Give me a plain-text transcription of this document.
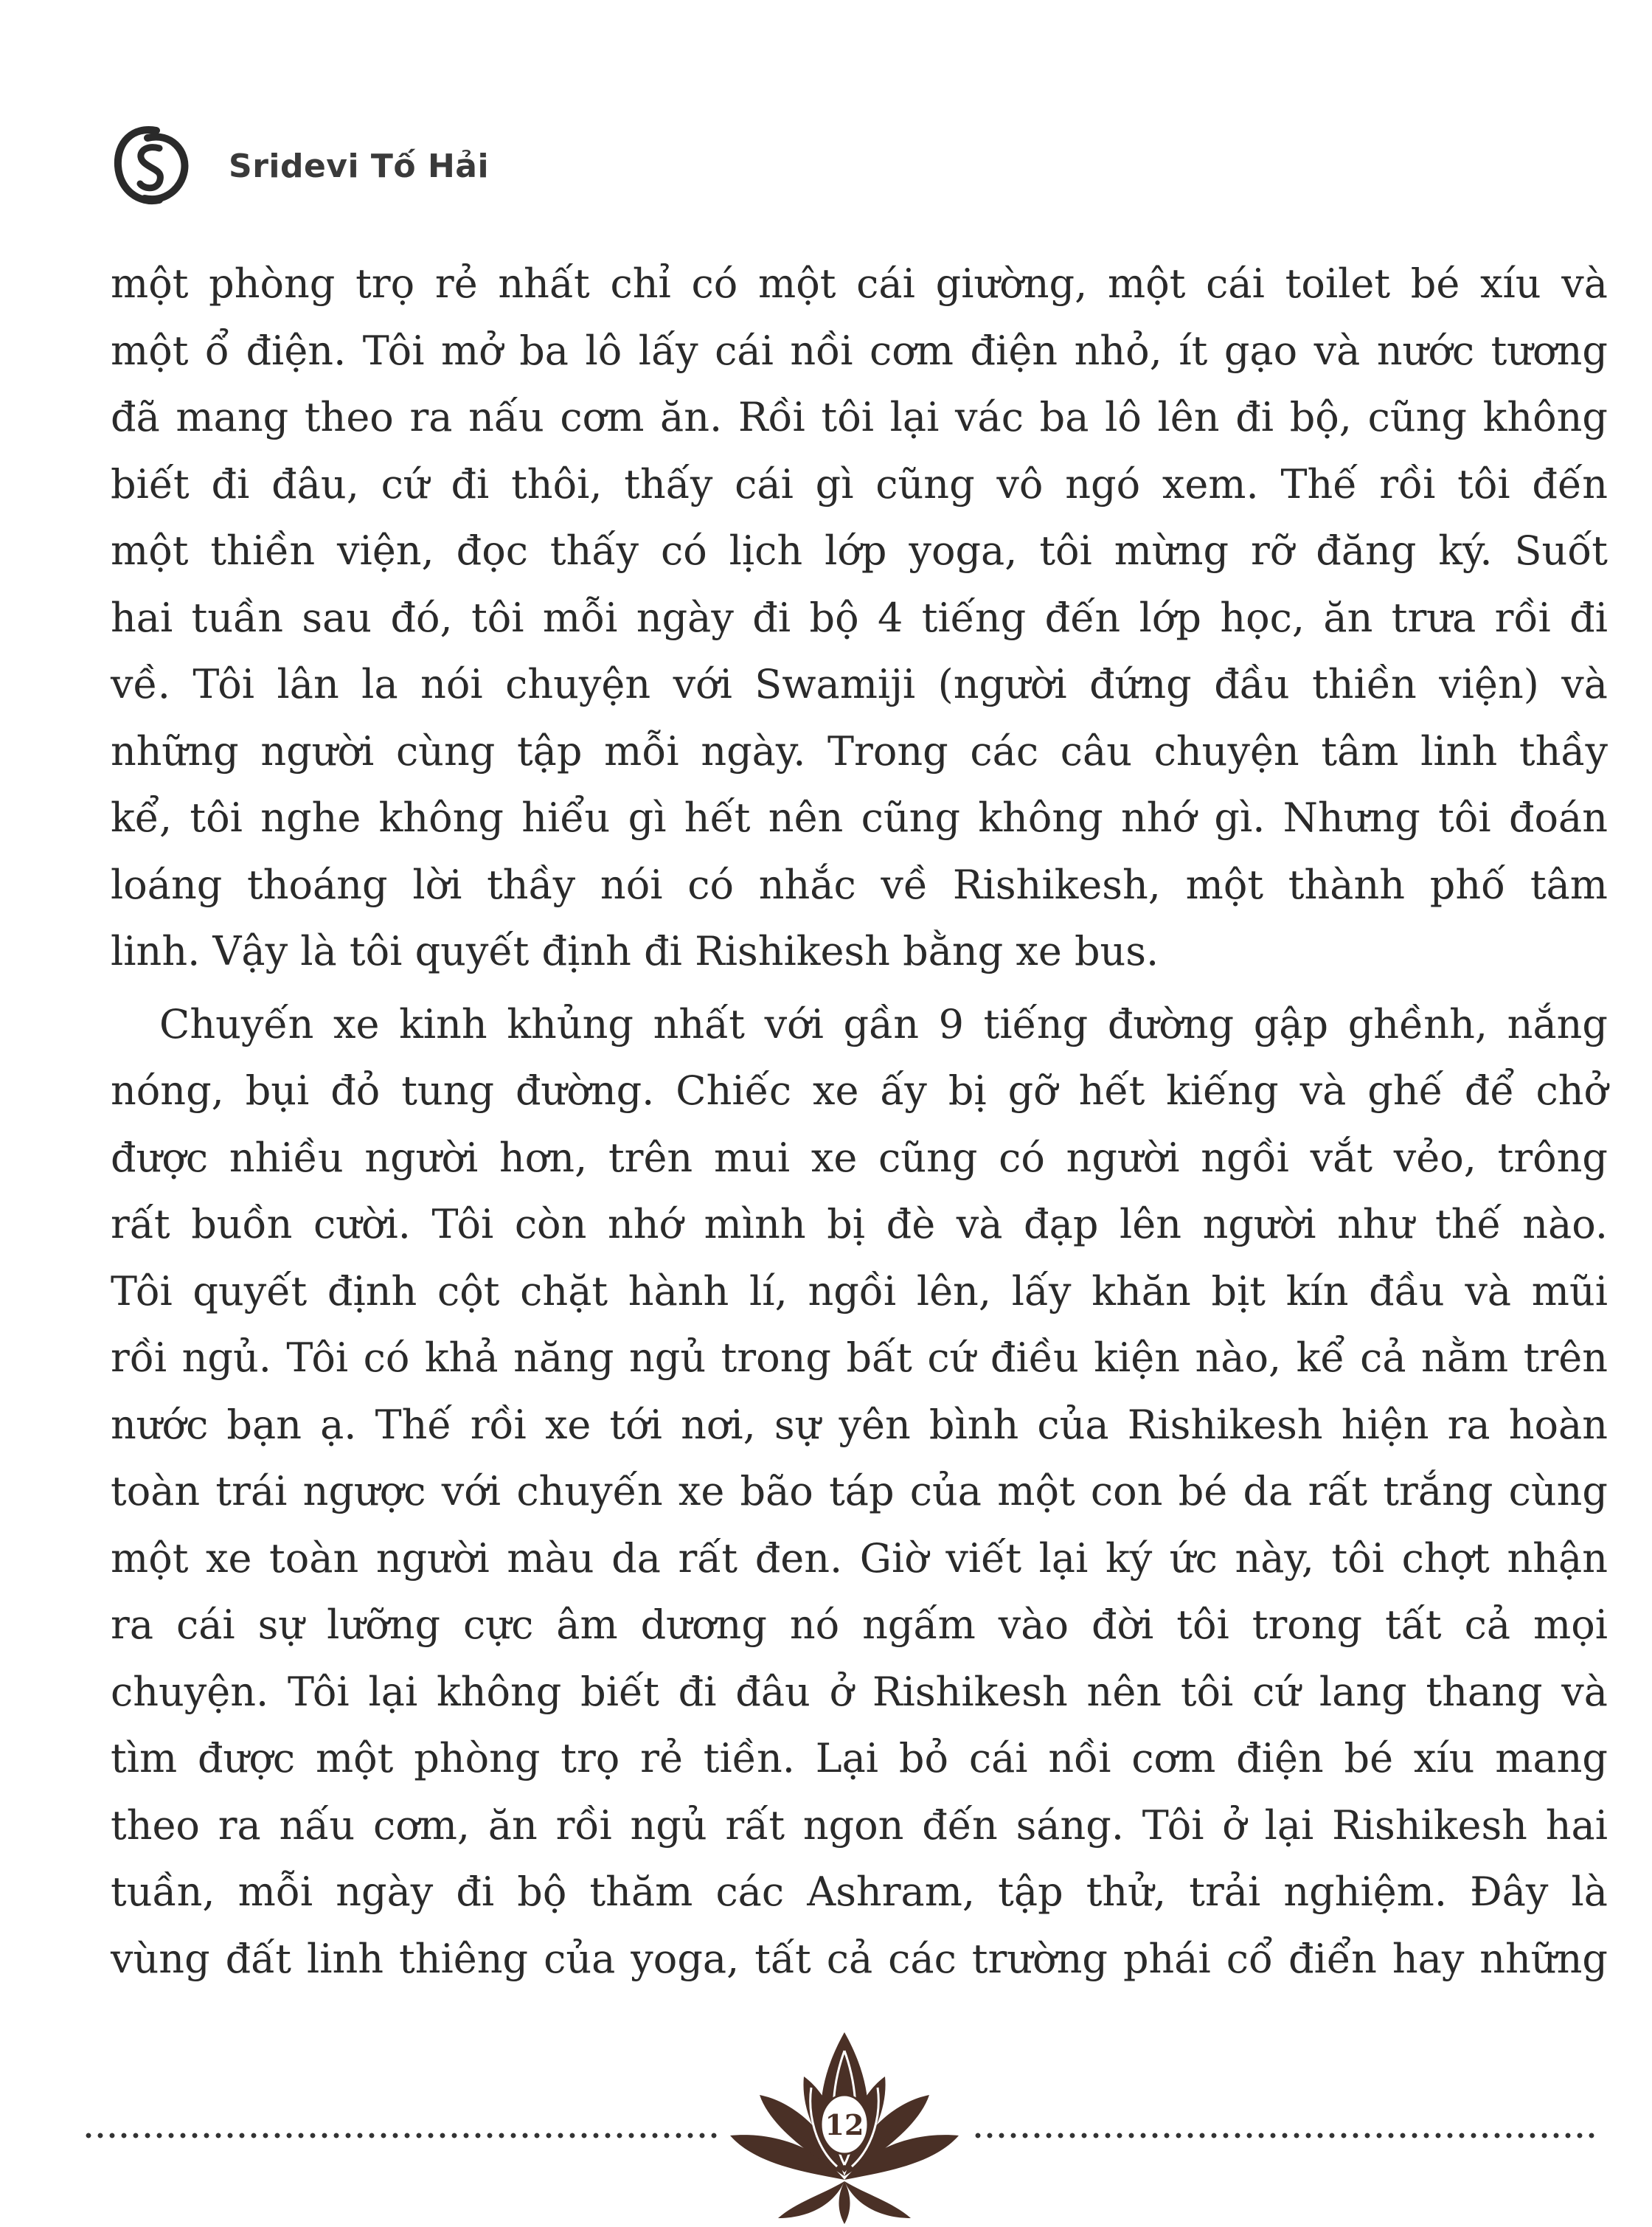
Sridevi Tố Hải
một phòng trọ rẻ nhất chỉ có một cái giường, một cái toilet bé xíu và
một ổ điện. Tôi mở ba lô lấy cái nồi cơm điện nhỏ, ít gạo và nước tương
đã mang theo ra nấu cơm ăn. Rồi tôi lại vác ba lô lên đi bộ, cũng không
biết đi đâu, cứ đi thôi, thấy cái gì cũng vô ngó xem. Thế rồi tôi đến
một thiền viện, đọc thấy có lịch lớp yoga, tôi mừng rỡ đăng ký. Suốt
hai tuần sau đó, tôi mỗi ngày đi bộ 4 tiếng đến lớp học, ăn trưa rồi đi
về. Tôi lân la nói chuyện với Swamiji (người đứng đầu thiền viện) và
những người cùng tập mỗi ngày. Trong các câu chuyện tâm linh thầy
kể, tôi nghe không hiểu gì hết nên cũng không nhớ gì. Nhưng tôi đoán
loáng thoáng lời thầy nói có nhắc về Rishikesh, một thành phố tâm
linh. Vậy là tôi quyết định đi Rishikesh bằng xe bus.
Chuyến xe kinh khủng nhất với gần 9 tiếng đường gập ghềnh, nắng
nóng, bụi đỏ tung đường. Chiếc xe ấy bị gỡ hết kiếng và ghế để chở
được nhiều người hơn, trên mui xe cũng có người ngồi vắt vẻo, trông
rất buồn cười. Tôi còn nhớ mình bị đè và đạp lên người như thế nào.
Tôi quyết định cột chặt hành lí, ngồi lên, lấy khăn bịt kín đầu và mũi
rồi ngủ. Tôi có khả năng ngủ trong bất cứ điều kiện nào, kể cả nằm trên
nước bạn ạ. Thế rồi xe tới nơi, sự yên bình của Rishikesh hiện ra hoàn
toàn trái ngược với chuyến xe bão táp của một con bé da rất trắng cùng
một xe toàn người màu da rất đen. Giờ viết lại ký ức này, tôi chợt nhận
ra cái sự lưỡng cực âm dương nó ngấm vào đời tôi trong tất cả mọi
chuyện. Tôi lại không biết đi đâu ở Rishikesh nên tôi cứ lang thang và
tìm được một phòng trọ rẻ tiền. Lại bỏ cái nồi cơm điện bé xíu mang
theo ra nấu cơm, ăn rồi ngủ rất ngon đến sáng. Tôi ở lại Rishikesh hai
tuần, mỗi ngày đi bộ thăm các Ashram, tập thử, trải nghiệm. Đây là
vùng đất linh thiêng của yoga, tất cả các trường phái cổ điển hay những
12
